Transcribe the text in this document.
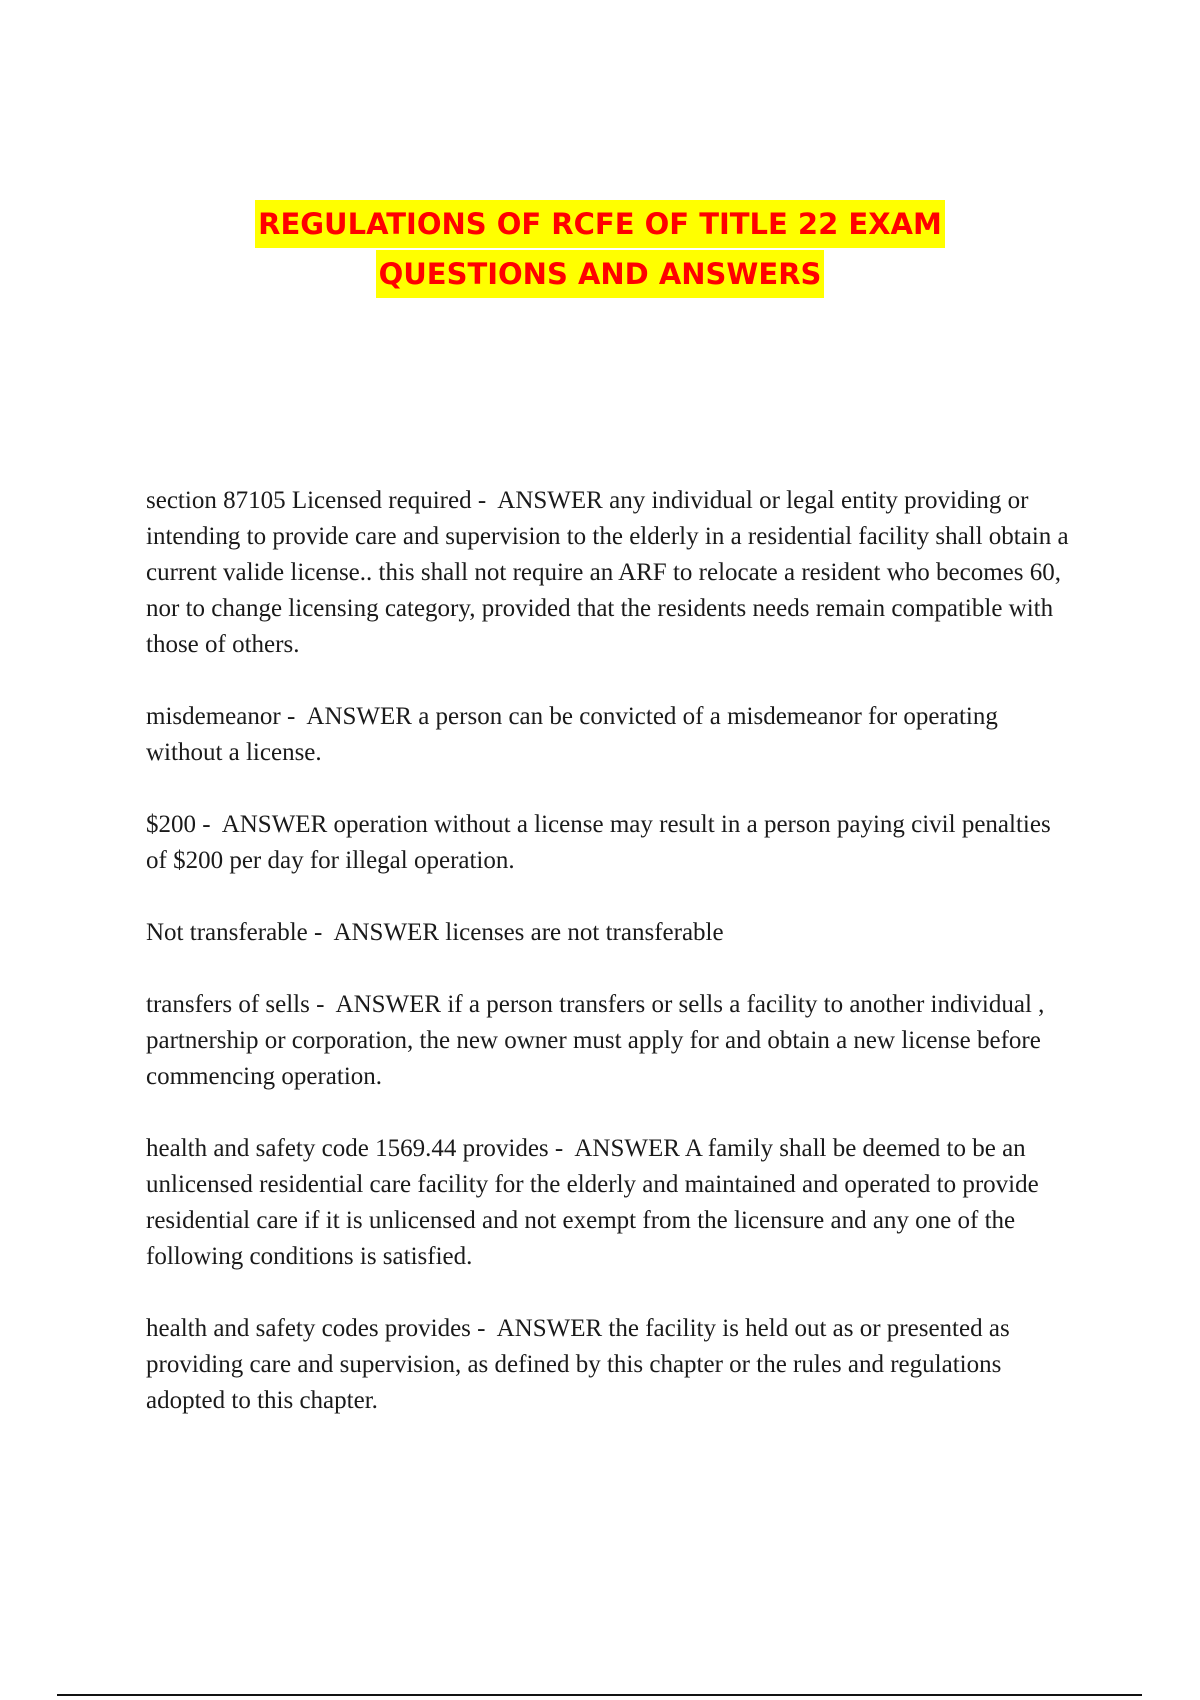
REGULATIONS OF RCFE OF TITLE 22 EXAM
QUESTIONS AND ANSWERS

section 87105 Licensed required -  ANSWER any individual or legal entity providing or intending to provide care and supervision to the elderly in a residential facility shall obtain a current valide license.. this shall not require an ARF to relocate a resident who becomes 60, nor to change licensing category, provided that the residents needs remain compatible with those of others.

misdemeanor -  ANSWER a person can be convicted of a misdemeanor for operating without a license.

$200 -  ANSWER operation without a license may result in a person paying civil penalties of $200 per day for illegal operation.

Not transferable -  ANSWER licenses are not transferable

transfers of sells -  ANSWER if a person transfers or sells a facility to another individual , partnership or corporation, the new owner must apply for and obtain a new license before commencing operation.

health and safety code 1569.44 provides -  ANSWER A family shall be deemed to be an unlicensed residential care facility for the elderly and maintained and operated to provide residential care if it is unlicensed and not exempt from the licensure and any one of the following conditions is satisfied.

health and safety codes provides -  ANSWER the facility is held out as or presented as providing care and supervision, as defined by this chapter or the rules and regulations adopted to this chapter.
